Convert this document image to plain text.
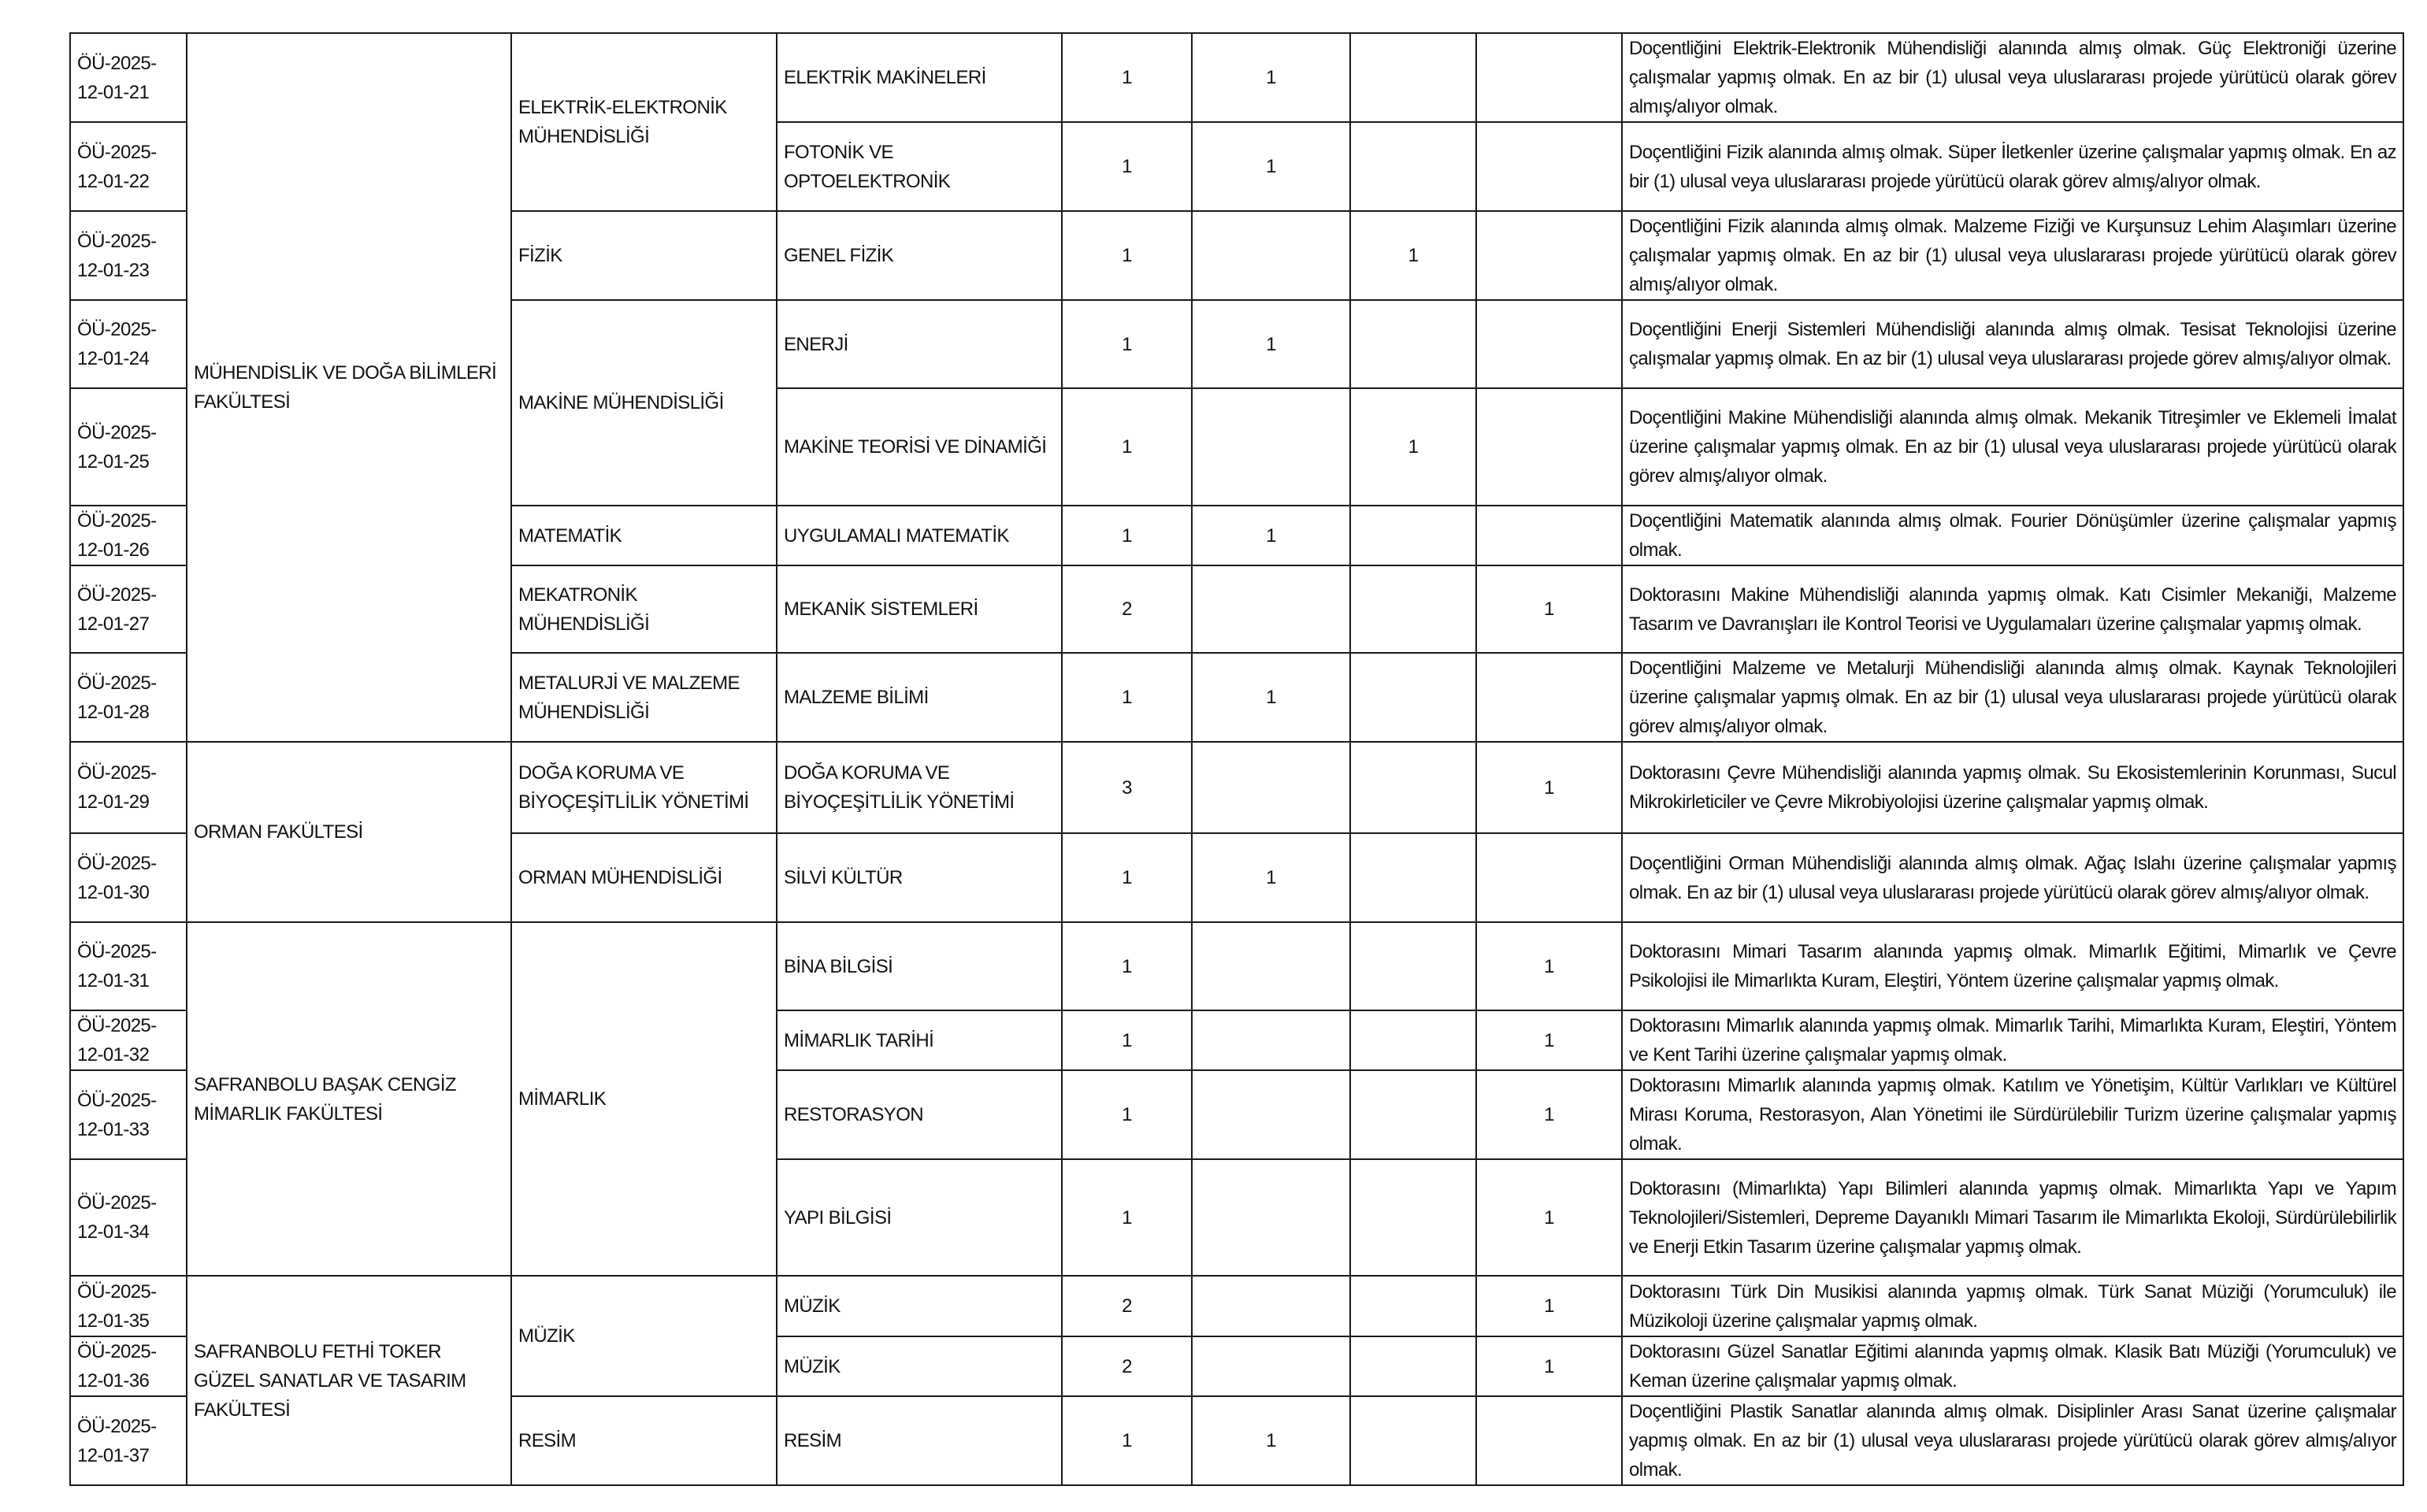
ÖÜ-2025-
12-01-21	MÜHENDİSLİK VE DOĞA BİLİMLERİ FAKÜLTESİ	ELEKTRİK-ELEKTRONİK MÜHENDİSLİĞİ	ELEKTRİK MAKİNELERİ	1	1			Doçentliğini Elektrik-Elektronik Mühendisliği alanında almış olmak. Güç Elektroniği üzerine çalışmalar yapmış olmak. En az bir (1) ulusal veya uluslararası projede yürütücü olarak görev almış/alıyor olmak.

ÖÜ-2025-
12-01-22			FOTONİK VE OPTOELEKTRONİK	1	1			Doçentliğini Fizik alanında almış olmak. Süper İletkenler üzerine çalışmalar yapmış olmak. En az bir (1) ulusal veya uluslararası projede yürütücü olarak görev almış/alıyor olmak.

ÖÜ-2025-
12-01-23		FİZİK	GENEL FİZİK	1		1		Doçentliğini Fizik alanında almış olmak. Malzeme Fiziği ve Kurşunsuz Lehim Alaşımları üzerine çalışmalar yapmış olmak. En az bir (1) ulusal veya uluslararası projede yürütücü olarak görev almış/alıyor olmak.

ÖÜ-2025-
12-01-24		MAKİNE MÜHENDİSLİĞİ	ENERJİ	1	1			Doçentliğini Enerji Sistemleri Mühendisliği alanında almış olmak. Tesisat Teknolojisi üzerine çalışmalar yapmış olmak. En az bir (1) ulusal veya uluslararası projede görev almış/alıyor olmak.

ÖÜ-2025-
12-01-25			MAKİNE TEORİSİ VE DİNAMİĞİ	1		1		Doçentliğini Makine Mühendisliği alanında almış olmak. Mekanik Titreşimler ve Eklemeli İmalat üzerine çalışmalar yapmış olmak. En az bir (1) ulusal veya uluslararası projede yürütücü olarak görev almış/alıyor olmak.

ÖÜ-2025-
12-01-26		MATEMATİK	UYGULAMALI MATEMATİK	1	1			Doçentliğini Matematik alanında almış olmak. Fourier Dönüşümler üzerine çalışmalar yapmış olmak.

ÖÜ-2025-
12-01-27		MEKATRONİK MÜHENDİSLİĞİ	MEKANİK SİSTEMLERİ	2			1	Doktorasını Makine Mühendisliği alanında yapmış olmak. Katı Cisimler Mekaniği, Malzeme Tasarım ve Davranışları ile Kontrol Teorisi ve Uygulamaları üzerine çalışmalar yapmış olmak.

ÖÜ-2025-
12-01-28		METALURJİ VE MALZEME MÜHENDİSLİĞİ	MALZEME BİLİMİ	1	1			Doçentliğini Malzeme ve Metalurji Mühendisliği alanında almış olmak. Kaynak Teknolojileri üzerine çalışmalar yapmış olmak. En az bir (1) ulusal veya uluslararası projede yürütücü olarak görev almış/alıyor olmak.

ÖÜ-2025-
12-01-29	ORMAN FAKÜLTESİ	DOĞA KORUMA VE BİYOÇEŞİTLİLİK YÖNETİMİ	DOĞA KORUMA VE BİYOÇEŞİTLİLİK YÖNETİMİ	3			1	Doktorasını Çevre Mühendisliği alanında yapmış olmak. Su Ekosistemlerinin Korunması, Sucul Mikrokirleticiler ve Çevre Mikrobiyolojisi üzerine çalışmalar yapmış olmak.

ÖÜ-2025-
12-01-30		ORMAN MÜHENDİSLİĞİ	SİLVİ KÜLTÜR	1	1			Doçentliğini Orman Mühendisliği alanında almış olmak. Ağaç Islahı üzerine çalışmalar yapmış olmak. En az bir (1) ulusal veya uluslararası projede yürütücü olarak görev almış/alıyor olmak.

ÖÜ-2025-
12-01-31	SAFRANBOLU BAŞAK CENGİZ MİMARLIK FAKÜLTESİ	MİMARLIK	BİNA BİLGİSİ	1			1	Doktorasını Mimari Tasarım alanında yapmış olmak. Mimarlık Eğitimi, Mimarlık ve Çevre Psikolojisi ile Mimarlıkta Kuram, Eleştiri, Yöntem üzerine çalışmalar yapmış olmak.

ÖÜ-2025-
12-01-32			MİMARLIK TARİHİ	1			1	Doktorasını Mimarlık alanında yapmış olmak. Mimarlık Tarihi, Mimarlıkta Kuram, Eleştiri, Yöntem ve Kent Tarihi üzerine çalışmalar yapmış olmak.

ÖÜ-2025-
12-01-33			RESTORASYON	1			1	Doktorasını Mimarlık alanında yapmış olmak. Katılım ve Yönetişim, Kültür Varlıkları ve Kültürel Mirası Koruma, Restorasyon, Alan Yönetimi ile Sürdürülebilir Turizm üzerine çalışmalar yapmış olmak.

ÖÜ-2025-
12-01-34			YAPI BİLGİSİ	1			1	Doktorasını (Mimarlıkta) Yapı Bilimleri alanında yapmış olmak. Mimarlıkta Yapı ve Yapım Teknolojileri/Sistemleri, Depreme Dayanıklı Mimari Tasarım ile Mimarlıkta Ekoloji, Sürdürülebilirlik ve Enerji Etkin Tasarım üzerine çalışmalar yapmış olmak.

ÖÜ-2025-
12-01-35	SAFRANBOLU FETHİ TOKER GÜZEL SANATLAR VE TASARIM FAKÜLTESİ	MÜZİK	MÜZİK	2			1	Doktorasını Türk Din Musikisi alanında yapmış olmak. Türk Sanat Müziği (Yorumculuk) ile Müzikoloji üzerine çalışmalar yapmış olmak.

ÖÜ-2025-
12-01-36			MÜZİK	2			1	Doktorasını Güzel Sanatlar Eğitimi alanında yapmış olmak. Klasik Batı Müziği (Yorumculuk) ve Keman üzerine çalışmalar yapmış olmak.

ÖÜ-2025-
12-01-37		RESİM	RESİM	1	1			Doçentliğini Plastik Sanatlar alanında almış olmak. Disiplinler Arası Sanat üzerine çalışmalar yapmış olmak. En az bir (1) ulusal veya uluslararası projede yürütücü olarak görev almış/alıyor olmak.
